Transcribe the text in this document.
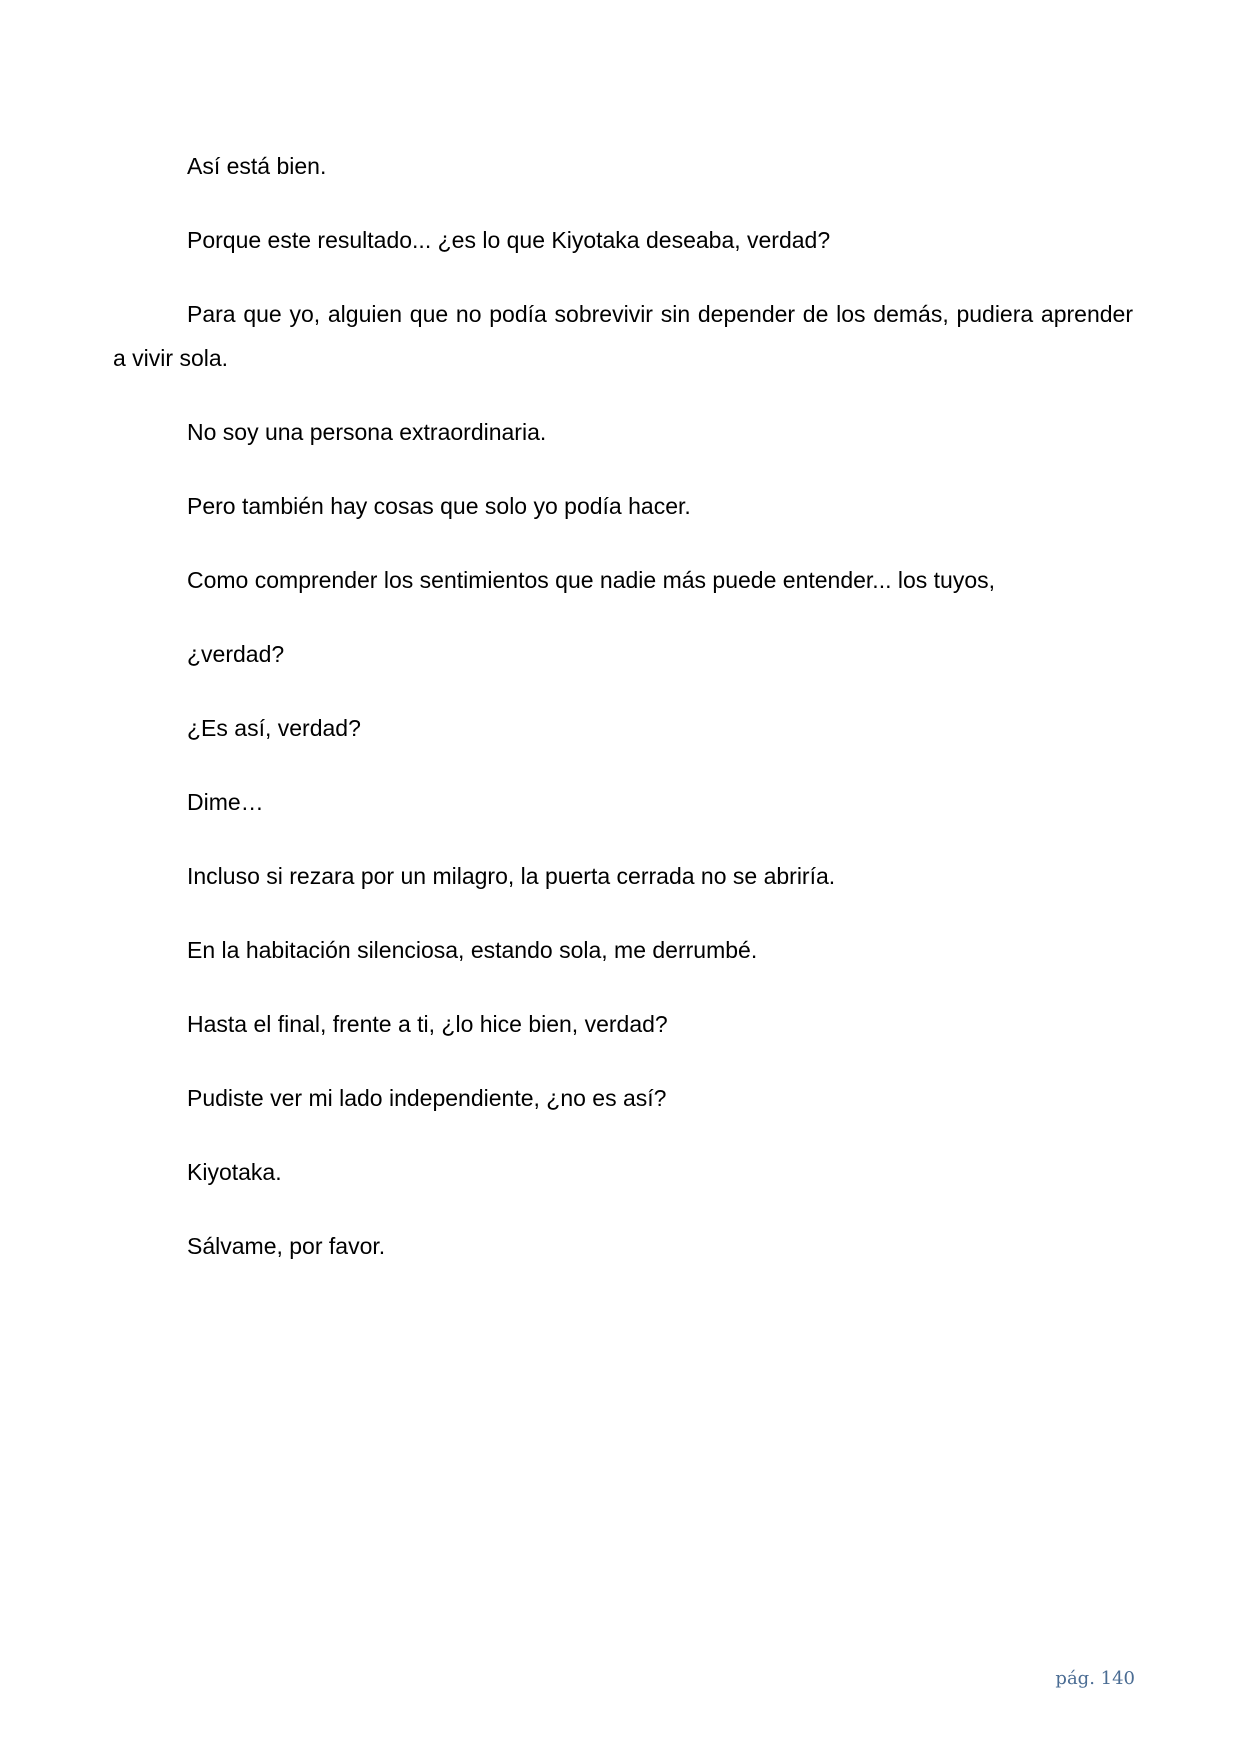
Así está bien.

Porque este resultado... ¿es lo que Kiyotaka deseaba, verdad?

Para que yo, alguien que no podía sobrevivir sin depender de los demás, pudiera aprender a vivir sola.

No soy una persona extraordinaria.

Pero también hay cosas que solo yo podía hacer.

Como comprender los sentimientos que nadie más puede entender... los tuyos,

¿verdad?

¿Es así, verdad?

Dime…

Incluso si rezara por un milagro, la puerta cerrada no se abriría.

En la habitación silenciosa, estando sola, me derrumbé.

Hasta el final, frente a ti, ¿lo hice bien, verdad?

Pudiste ver mi lado independiente, ¿no es así?

Kiyotaka.

Sálvame, por favor.

pág. 140
